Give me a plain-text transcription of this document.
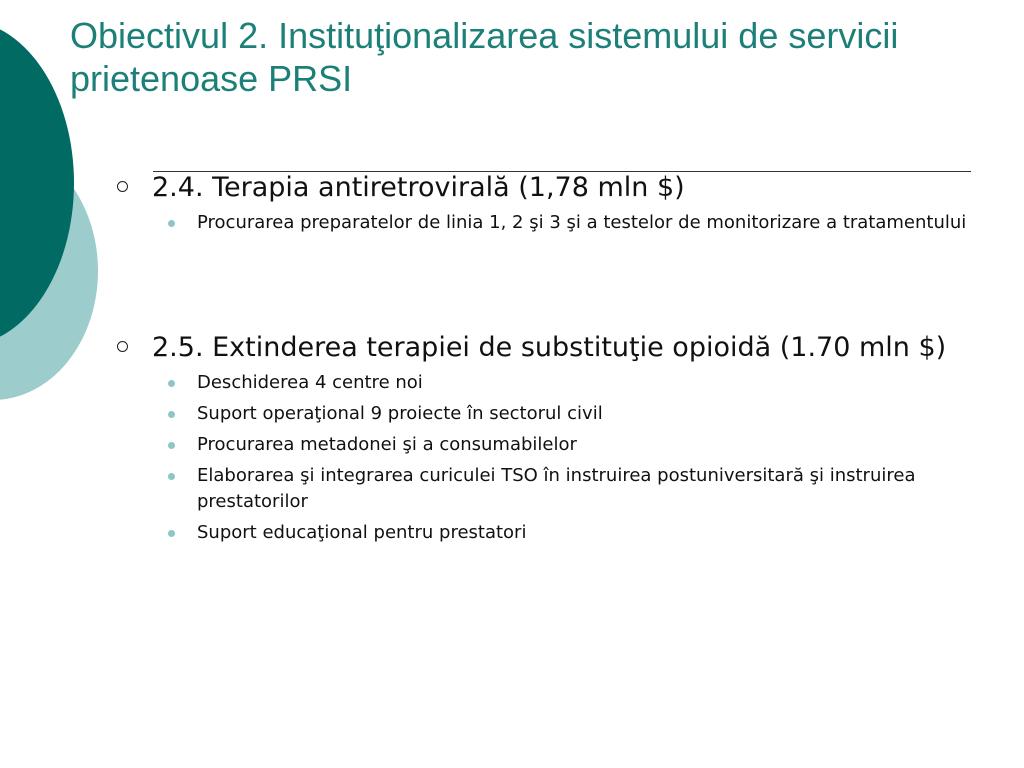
Obiectivul 2. Instituţionalizarea sistemului de servicii prietenoase PRSI
2.4. Terapia antiretrovirală (1,78 mln $)
Procurarea preparatelor de linia 1, 2 şi 3 şi a testelor de monitorizare a tratamentului
2.5. Extinderea terapiei de substituţie opioidă (1.70 mln $)
Deschiderea 4 centre noi
Suport operaţional 9 proiecte în sectorul civil
Procurarea metadonei şi a consumabilelor
Elaborarea şi integrarea curiculei TSO în instruirea postuniversitară şi instruirea prestatorilor
Suport educaţional pentru prestatori
